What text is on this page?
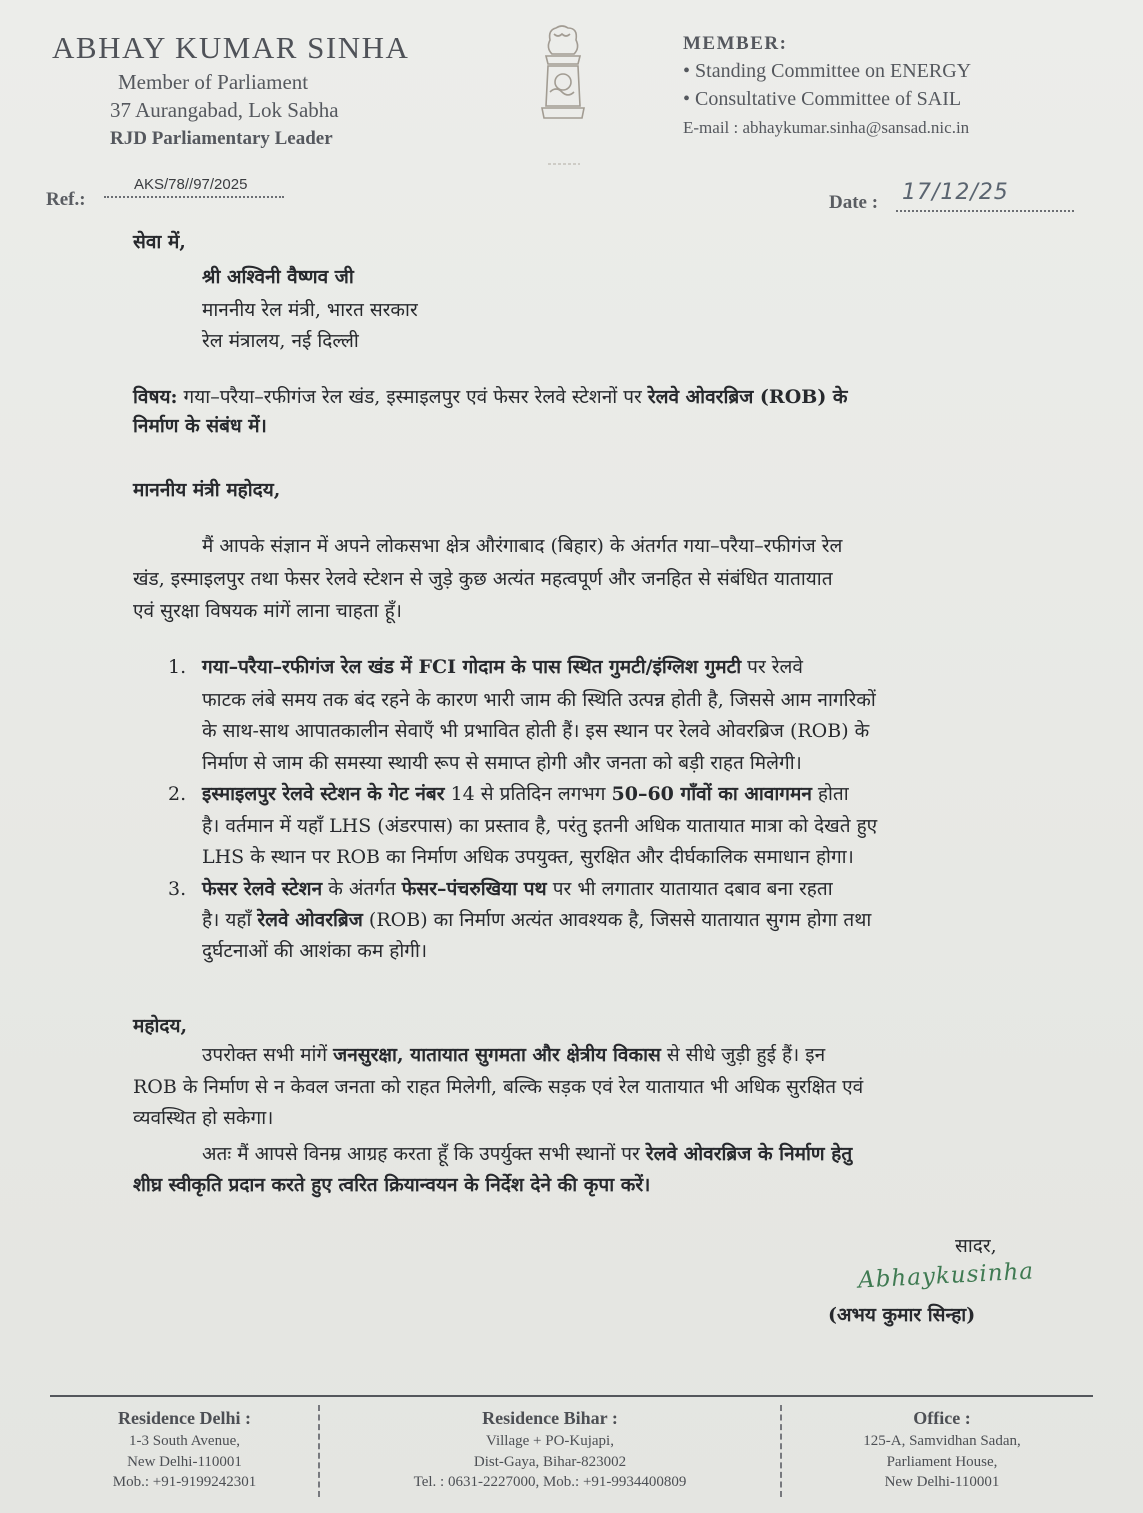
ABHAY KUMAR SINHA
Member of Parliament
37 Aurangabad, Lok Sabha
RJD Parliamentary Leader
MEMBER:
• Standing Committee on ENERGY
• Consultative Committee of SAIL
E-mail : abhaykumar.sinha@sansad.nic.in
AKS/78//97/2025
Ref.:	Date : 17/12/25
सेवा में,
श्री अश्विनी वैष्णव जी
माननीय रेल मंत्री, भारत सरकार
रेल मंत्रालय, नई दिल्ली
विषय: गया–परैया–रफीगंज रेल खंड, इस्माइलपुर एवं फेसर रेलवे स्टेशनों पर रेलवे ओवरब्रिज (ROB) के
निर्माण के संबंध में।
माननीय मंत्री महोदय,
मैं आपके संज्ञान में अपने लोकसभा क्षेत्र औरंगाबाद (बिहार) के अंतर्गत गया–परैया–रफीगंज रेल
खंड, इस्माइलपुर तथा फेसर रेलवे स्टेशन से जुड़े कुछ अत्यंत महत्वपूर्ण और जनहित से संबंधित यातायात
एवं सुरक्षा विषयक मांगें लाना चाहता हूँ।
1. गया–परैया–रफीगंज रेल खंड में FCI गोदाम के पास स्थित गुमटी/इंग्लिश गुमटी पर रेलवे
फाटक लंबे समय तक बंद रहने के कारण भारी जाम की स्थिति उत्पन्न होती है, जिससे आम नागरिकों
के साथ-साथ आपातकालीन सेवाएँ भी प्रभावित होती हैं। इस स्थान पर रेलवे ओवरब्रिज (ROB) के
निर्माण से जाम की समस्या स्थायी रूप से समाप्त होगी और जनता को बड़ी राहत मिलेगी।
2. इस्माइलपुर रेलवे स्टेशन के गेट नंबर 14 से प्रतिदिन लगभग 50–60 गाँवों का आवागमन होता
है। वर्तमान में यहाँ LHS (अंडरपास) का प्रस्ताव है, परंतु इतनी अधिक यातायात मात्रा को देखते हुए
LHS के स्थान पर ROB का निर्माण अधिक उपयुक्त, सुरक्षित और दीर्घकालिक समाधान होगा।
3. फेसर रेलवे स्टेशन के अंतर्गत फेसर–पंचरुखिया पथ पर भी लगातार यातायात दबाव बना रहता
है। यहाँ रेलवे ओवरब्रिज (ROB) का निर्माण अत्यंत आवश्यक है, जिससे यातायात सुगम होगा तथा
दुर्घटनाओं की आशंका कम होगी।
महोदय,
उपरोक्त सभी मांगें जनसुरक्षा, यातायात सुगमता और क्षेत्रीय विकास से सीधे जुड़ी हुई हैं। इन
ROB के निर्माण से न केवल जनता को राहत मिलेगी, बल्कि सड़क एवं रेल यातायात भी अधिक सुरक्षित एवं
व्यवस्थित हो सकेगा।
अतः मैं आपसे विनम्र आग्रह करता हूँ कि उपर्युक्त सभी स्थानों पर रेलवे ओवरब्रिज के निर्माण हेतु
शीघ्र स्वीकृति प्रदान करते हुए त्वरित क्रियान्वयन के निर्देश देने की कृपा करें।
सादर,
Abhaykusinha
(अभय कुमार सिन्हा)
Residence Delhi :
1-3 South Avenue,
New Delhi-110001
Mob.: +91-9199242301
Residence Bihar :
Village + PO-Kujapi,
Dist-Gaya, Bihar-823002
Tel. : 0631-2227000, Mob.: +91-9934400809
Office :
125-A, Samvidhan Sadan,
Parliament House,
New Delhi-110001
